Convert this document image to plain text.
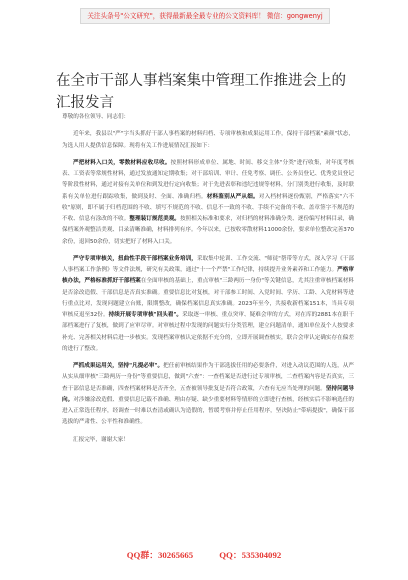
关注头条号"公文研究"，获得最新最全最专业的公文资料库！ 微信：gongwenyj
在全市干部人事档案集中管理工作推进会上的汇报发言

尊敬的各位领导、同志们：

近年来，我县以"严"字当头抓好干部人事档案的材料归档、专项审核和成果运用工作，保持干部档案"素颜"状态，为选人用人提供信息保障。现将有关工作进展情况汇报如下：

严把材料入口关，零数材料应收尽收。按照材料形成单位、属地、时间、移交主体"分类"进行收集，对年度考核表、工资表等常规性材料，通过发放通知定期收集；对干部培训、审计、任免考察、调任、公务员登记、优秀党员登记等阶段性材料，通过对接有关单位和到发进行定向收集；对于先进表彰和违纪违规等材料，分门别类进行收集，及时联系有关单位进行跟踪收集，做到及时、全面、准确归档。材料鉴别从严从细。对入档材料逐份甄别，严格落实"六不收"原则，即不属于归档范围的不收、填写不规范的不收、信息不一致的不收、手续不完备的不收、盖章签字不规范的不收、信息有涂改的不收。整理装订规范美观。按照相关标准和要求，对归档的材料准确分类、逐份编写材料目录，确保档案外观整洁美观、目录清晰准确，材料排列有序。今年以来，已按收零散材料11000余份，要求单位整改完善370余份，退回50余份，切实把好了材料入口关。

严守专项审核关，扭曲性手段干部档案业务培训，采取集中轮训、工作交流、"师徒"帮带等方式，深入学习《干部人事档案工作条例》等文件法规，研究有关政策，通过"十一个严禁"工作纪律，持续提升业务素养和工作能力。严格审核办法，严格标准抓好干部档案在全面审核的基础上，重点审核"三龄两历一身份"等关键信息，尤其注重审核档案材料是否涂改造假、干部信息是否真实准确。重要信息比对复核，对干部参工时间、入党时间、学历、工龄、入党材料等进行重点比对，发现问题建立台账，限期整改，确保档案信息真实准确。2023年至今，共接收新档案151本，当具专项审核反退至32份。持续开展专项审核"回头看"。采取逐一审核、重点突审、疑难会审的方式，对在库的2881本在职干部档案进行了复核，做到了应审尽审。对审核过程中发现的问题实行分类管理，建立问题清单，通知单位及个人按要求补充、完善相关材料后进一步核实。发现档案审核认定依据不充分的，立即开展调查核实，联合会审认定确实存在偏差的进行了整改。

严抓成果运用关，坚持"凡提必审"。把任前审核结果作为干部选拔任用的必要条件，对进入动议范围的人选，从严从实从细审核"三龄两历一身份"等重要信息，做到"六查"：一查档案是否进行过专项审核，二查档案内容是否真实，三查干部信息是否准确，四查档案材料是否齐全，五查被领导批复是否符合政策，六查有无应当处理的问题。坚持问题导向。对涉嫌涂改造假、重要信息记载不准确、理由存疑、缺少重要材料等情形的立即进行查核，经核实后不影响选任的进入正常选任程序，经调查一时难以查清或确认为造假的，暂缓考察并停止任用程序，坚决防止"带病提拔"，确保干部选拔的严肃性、公平性和准确性。

汇报完毕，谢谢大家！

QQ群：30265665	QQ：535304092
